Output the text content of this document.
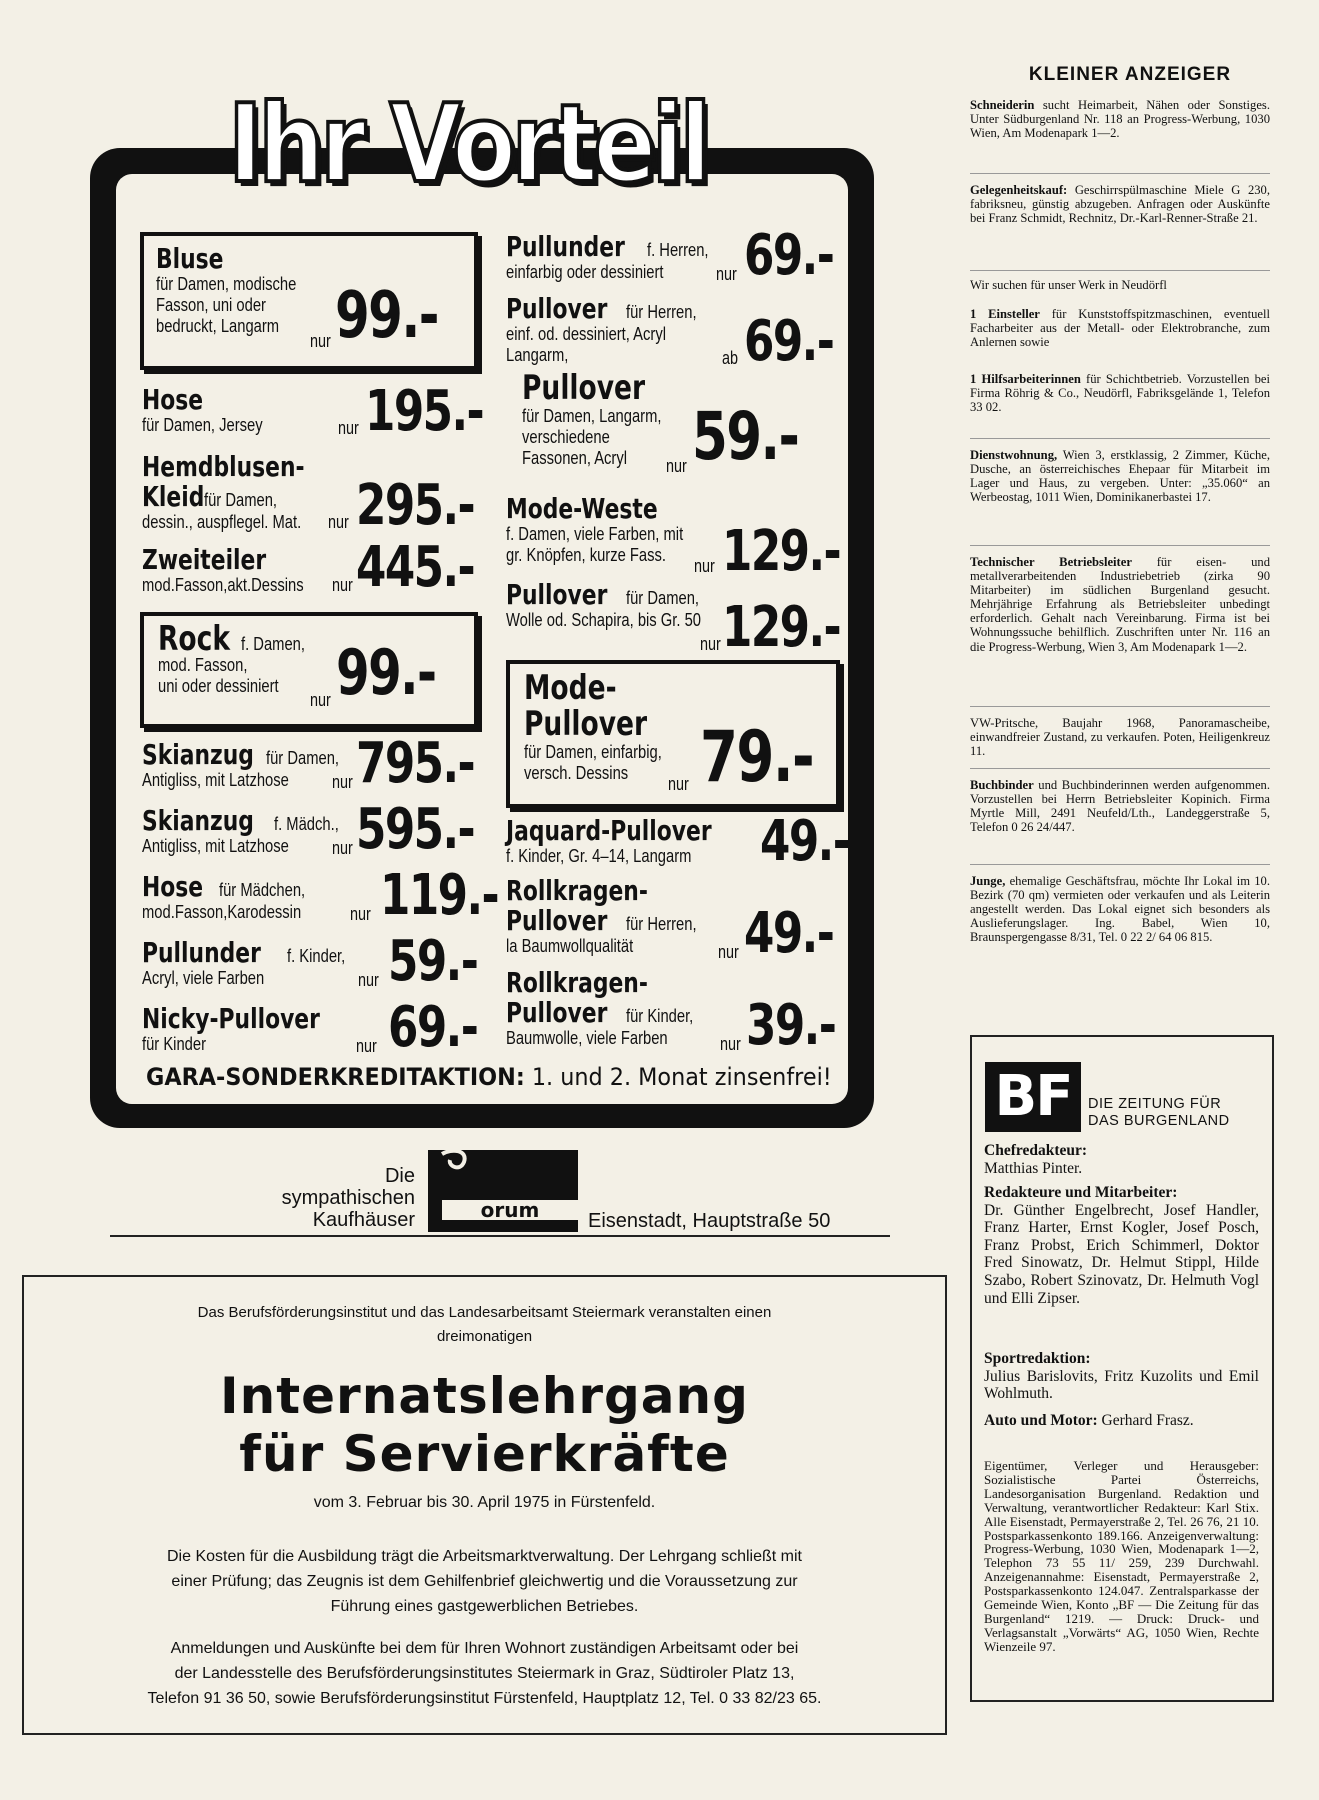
Ihr Vorteil
Bluse
für Damen, modische
Fasson, uni oder
bedruckt, Langarm
nur 99.-
Hose
für Damen, Jersey	nur 195.-
Hemdblusen-
Kleid für Damen,
dessin., auspflegel. Mat.	nur 295.-
Zweiteiler
mod.Fasson,akt.Dessins nur 445.-
Rock f. Damen,
mod. Fasson,
uni oder dessiniert
nur 99.-
Skianzug für Damen,
Antigliss, mit Latzhose	nur 795.-
Skianzug f. Mädch.,
Antigliss, mit Latzhose	nur 595.-
Hose für Mädchen,
mod.Fasson,Karodessin	nur 119.-
Pullunder f. Kinder,
Acryl, viele Farben	nur 59.-
Nicky-Pullover
für Kinder	nur 69.-
Pullunder f. Herren,
einfarbig oder dessiniert	nur 69.-
Pullover für Herren,
einf. od. dessiniert, Acryl
Langarm,	ab 69.-
Pullover
für Damen, Langarm,
verschiedene
Fassonen, Acryl	nur 59.-
Mode-Weste
f. Damen, viele Farben, mit
gr. Knöpfen, kurze Fass.
nur 129.-
Pullover für Damen,
Wolle od. Schapira, bis Gr. 50
nur 129.-
Mode-
Pullover
für Damen, einfarbig,
versch. Dessins
nur 79.-
Jaquard-Pullover
f. Kinder, Gr. 4–14, Langarm	49.-
Rollkragen-
Pullover für Herren,
la Baumwollqualität	nur 49.-
Rollkragen-
Pullover für Kinder,
Baumwolle, viele Farben	nur 39.-
GARA-SONDERKREDITAKTION: 1. und 2. Monat zinsenfrei!
Die
sympathischen
Kaufhäuser	orum Eisenstadt, Hauptstraße 50
Das Berufsförderungsinstitut und das Landesarbeitsamt Steiermark veranstalten einen
dreimonatigen
Internatslehrgang
für Servierkräfte
vom 3. Februar bis 30. April 1975 in Fürstenfeld.
Die Kosten für die Ausbildung trägt die Arbeitsmarktverwaltung. Der Lehrgang schließt mit
einer Prüfung; das Zeugnis ist dem Gehilfenbrief gleichwertig und die Voraussetzung zur
Führung eines gastgewerblichen Betriebes.
Anmeldungen und Auskünfte bei dem für Ihren Wohnort zuständigen Arbeitsamt oder bei
der Landesstelle des Berufsförderungsinstitutes Steiermark in Graz, Südtiroler Platz 13,
Telefon 91 36 50, sowie Berufsförderungsinstitut Fürstenfeld, Hauptplatz 12, Tel. 0 33 82/23 65.
KLEINER ANZEIGER
Schneiderin sucht Heimarbeit, Nähen oder Sonstiges. Unter Südburgenland Nr. 118 an Progress-Werbung, 1030 Wien, Am Modenapark 1—2.
Gelegenheitskauf: Geschirrspülmaschine Miele G 230, fabriksneu, günstig abzugeben. Anfragen oder Auskünfte bei Franz Schmidt, Rechnitz, Dr.-Karl-Renner-Straße 21.
Wir suchen für unser Werk in Neudörfl
1 Einsteller für Kunststoffspitzmaschinen, eventuell Facharbeiter aus der Metall- oder Elektrobranche, zum Anlernen sowie
1 Hilfsarbeiterinnen für Schichtbetrieb. Vorzustellen bei Firma Röhrig & Co., Neudörfl, Fabriksgelände 1, Telefon 33 02.
Dienstwohnung, Wien 3, erstklassig, 2 Zimmer, Küche, Dusche, an österreichisches Ehepaar für Mitarbeit im Lager und Haus, zu vergeben. Unter: „35.060“ an Werbeostag, 1011 Wien, Dominikanerbastei 17.
Technischer Betriebsleiter für eisen- und metallverarbeitenden Industriebetrieb (zirka 90 Mitarbeiter) im südlichen Burgenland gesucht. Mehrjährige Erfahrung als Betriebsleiter unbedingt erforderlich. Gehalt nach Vereinbarung. Firma ist bei Wohnungssuche behilflich. Zuschriften unter Nr. 116 an die Progress-Werbung, Wien 3, Am Modenapark 1—2.
VW-Pritsche, Baujahr 1968, Panoramascheibe, einwandfreier Zustand, zu verkaufen. Poten, Heiligenkreuz 11.
Buchbinder und Buchbinderinnen werden aufgenommen. Vorzustellen bei Herrn Betriebsleiter Kopinich. Firma Myrtle Mill, 2491 Neufeld/Lth., Landeggerstraße 5, Telefon 0 26 24/447.
Junge, ehemalige Geschäftsfrau, möchte Ihr Lokal im 10. Bezirk (70 qm) vermieten oder verkaufen und als Leiterin angestellt werden. Das Lokal eignet sich besonders als Auslieferungslager. Ing. Babel, Wien 10, Braunspergengasse 8/31, Tel. 0 22 2/ 64 06 815.
BF	DIE ZEITUNG FÜR
DAS BURGENLAND
Chefredakteur:
Matthias Pinter.
Redakteure und Mitarbeiter:
Dr. Günther Engelbrecht, Josef Handler, Franz Harter, Ernst Kogler, Josef Posch, Franz Probst, Erich Schimmerl, Doktor Fred Sinowatz, Dr. Helmut Stippl, Hilde Szabo, Robert Szinovatz, Dr. Helmuth Vogl und Elli Zipser.
Sportredaktion:
Julius Barislovits, Fritz Kuzolits und Emil Wohlmuth.
Auto und Motor: Gerhard Frasz.
Eigentümer, Verleger und Herausgeber: Sozialistische Partei Österreichs, Landesorganisation Burgenland. Redaktion und Verwaltung, verantwortlicher Redakteur: Karl Stix. Alle Eisenstadt, Permayerstraße 2, Tel. 26 76, 21 10. Postsparkassenkonto 189.166. Anzeigenverwaltung: Progress-Werbung, 1030 Wien, Modenapark 1—2, Telephon 73 55 11/ 259, 239 Durchwahl. Anzeigenannahme: Eisenstadt, Permayerstraße 2, Postsparkassenkonto 124.047. Zentralsparkasse der Gemeinde Wien, Konto „BF — Die Zeitung für das Burgenland“ 1219. — Druck: Druck- und Verlagsanstalt „Vorwärts“ AG, 1050 Wien, Rechte Wienzeile 97.
